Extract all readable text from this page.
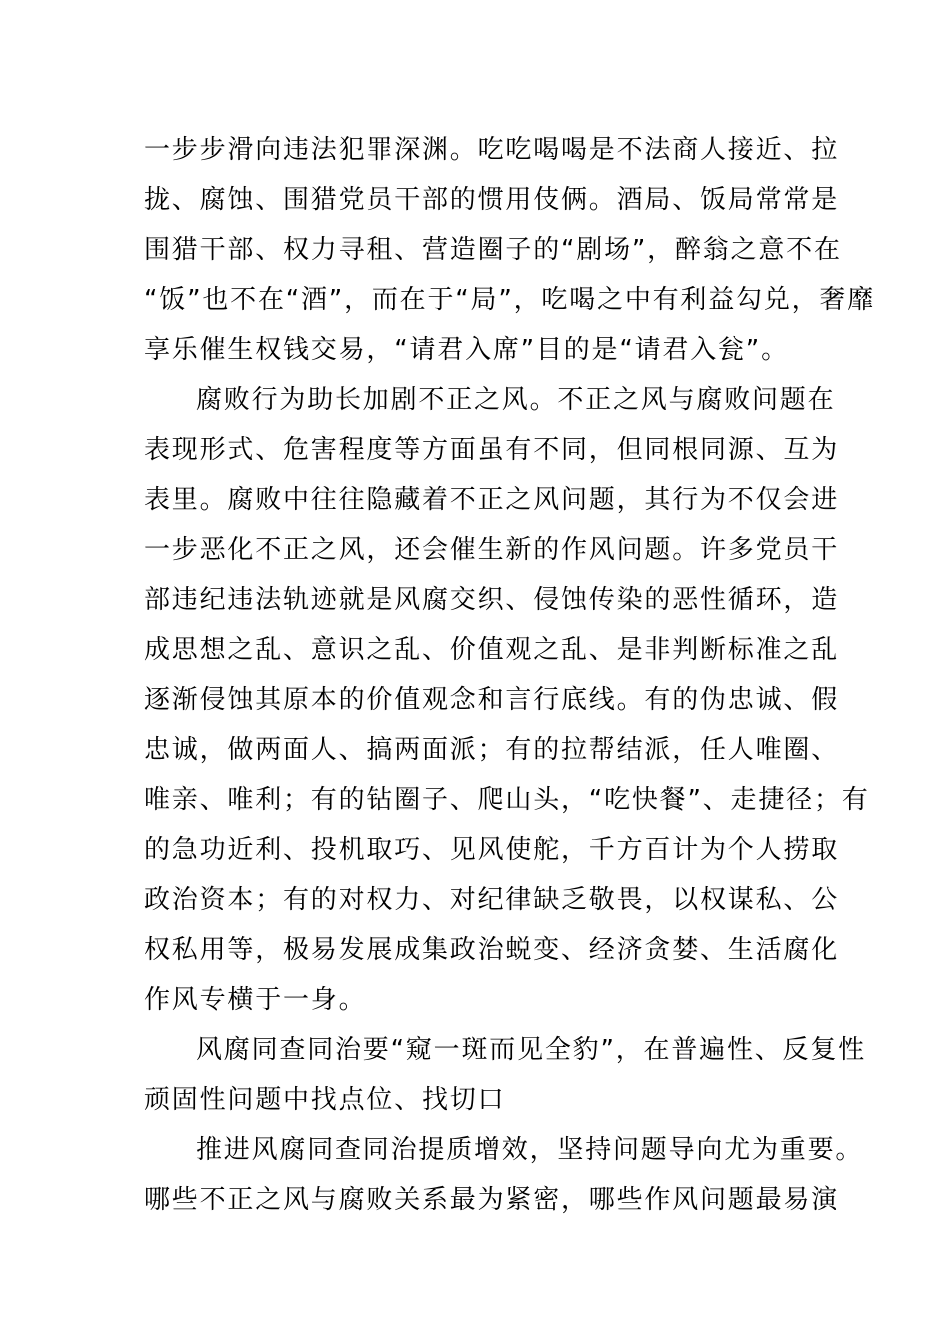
一步步滑向违法犯罪深渊。吃吃喝喝是不法商人接近、拉
拢、腐蚀、围猎党员干部的惯用伎俩。酒局、饭局常常是
围猎干部、权力寻租、营造圈子的“剧场”，醉翁之意不在
“饭”也不在“酒”，而在于“局”，吃喝之中有利益勾兑，奢靡
享乐催生权钱交易，“请君入席”目的是“请君入瓮”。
腐败行为助长加剧不正之风。不正之风与腐败问题在
表现形式、危害程度等方面虽有不同，但同根同源、互为
表里。腐败中往往隐藏着不正之风问题，其行为不仅会进
一步恶化不正之风，还会催生新的作风问题。许多党员干
部违纪违法轨迹就是风腐交织、侵蚀传染的恶性循环，造
成思想之乱、意识之乱、价值观之乱、是非判断标准之乱
逐渐侵蚀其原本的价值观念和言行底线。有的伪忠诚、假
忠诚，做两面人、搞两面派；有的拉帮结派，任人唯圈、
唯亲、唯利；有的钻圈子、爬山头，“吃快餐”、走捷径；有
的急功近利、投机取巧、见风使舵，千方百计为个人捞取
政治资本；有的对权力、对纪律缺乏敬畏，以权谋私、公
权私用等，极易发展成集政治蜕变、经济贪婪、生活腐化
作风专横于一身。
风腐同查同治要“窥一斑而见全豹”，在普遍性、反复性
顽固性问题中找点位、找切口
推进风腐同查同治提质增效，坚持问题导向尤为重要。
哪些不正之风与腐败关系最为紧密，哪些作风问题最易演
